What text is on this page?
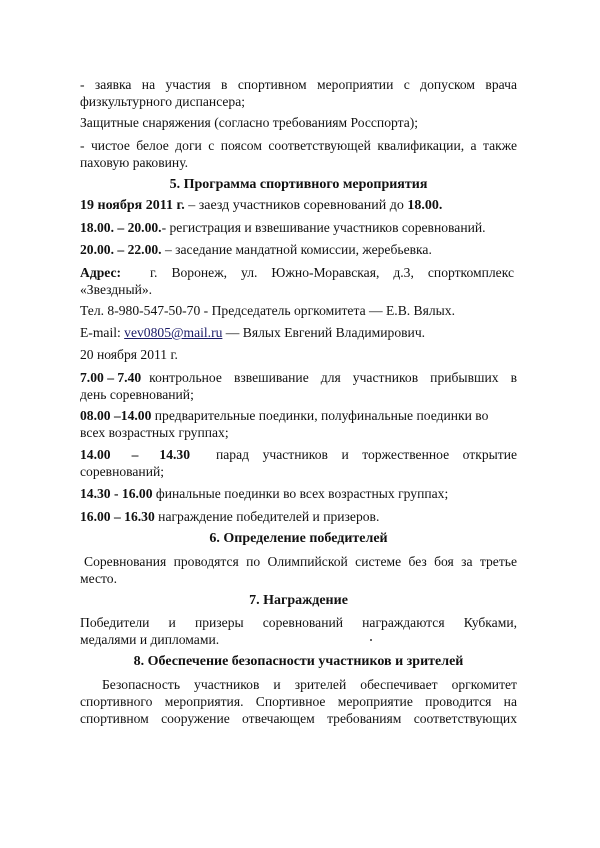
- заявка на участия в спортивном мероприятии с допуском врача
физкультурного диспансера;
Защитные снаряжения (согласно требованиям Росспорта);
- чистое белое доги с поясом соответствующей квалификации, а также
паховую раковину.
5. Программа спортивного мероприятия
19 ноября 2011 г. – заезд участников соревнований до 18.00.
18.00. – 20.00.- регистрация и взвешивание участников соревнований.
20.00. – 22.00. – заседание мандатной комиссии, жеребьевка.
Адрес: г. Воронеж, ул. Южно-Моравская, д.3, спорткомплекс
«Звездный».
Тел. 8-980-547-50-70 - Председатель оргкомитета — Е.В. Вялых.
E-mail: vev0805@mail.ru — Вялых Евгений Владимирович.
20 ноября 2011 г.
7.00 – 7.40 контрольное взвешивание для участников прибывших в
день соревнований;
08.00 –14.00 предварительные поединки, полуфинальные поединки во
всех возрастных группах;
14.00 – 14.30 парад участников и торжественное открытие
соревнований;
14.30 - 16.00 финальные поединки во всех возрастных группах;
16.00 – 16.30 награждение победителей и призеров.
6. Определение победителей
Соревнования проводятся по Олимпийской системе без боя за третье
место.
7. Награждение
Победители и призеры соревнований награждаются Кубками,
медалями и дипломами.
8. Обеспечение безопасности участников и зрителей
Безопасность участников и зрителей обеспечивает оргкомитет
спортивного мероприятия. Спортивное мероприятие проводится на
спортивном сооружение отвечающем требованиям соответствующих
